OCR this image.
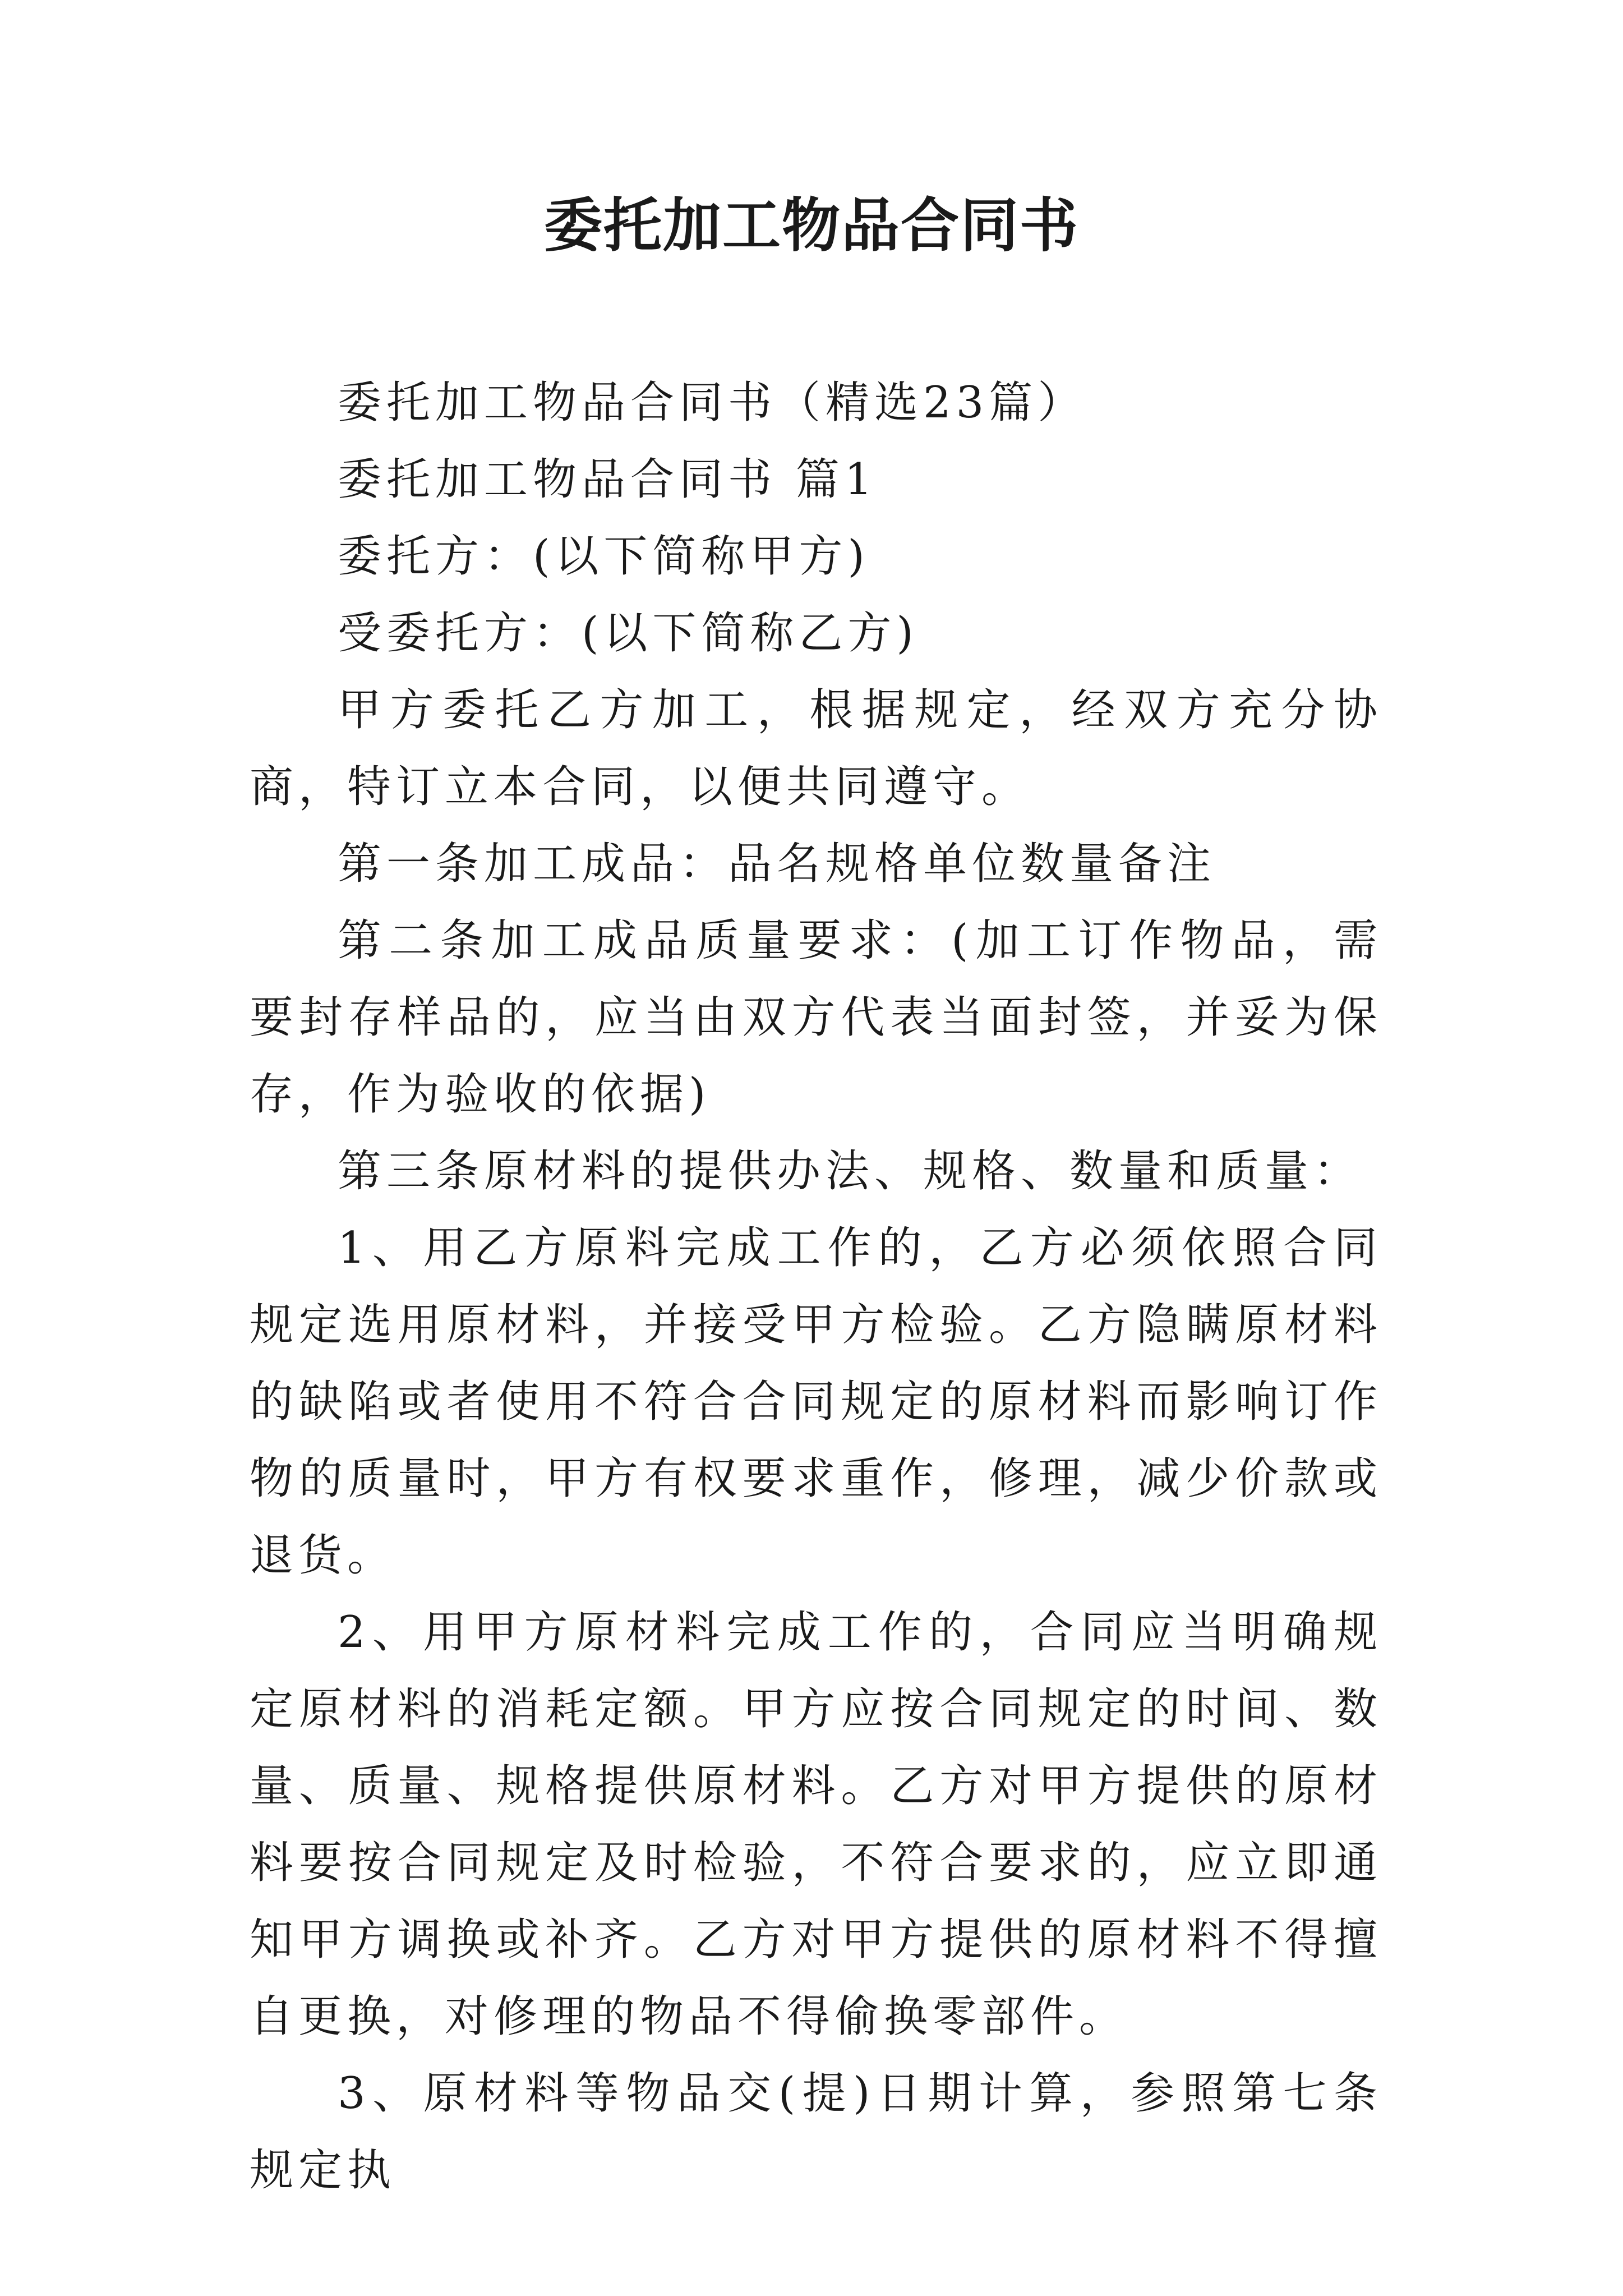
委托加工物品合同书

委托加工物品合同书（精选23篇）

委托加工物品合同书 篇1

委托方：(以下简称甲方)

受委托方：(以下简称乙方)

甲方委托乙方加工，根据规定，经双方充分协商，特订立本合同，以便共同遵守。

第一条加工成品：品名规格单位数量备注

第二条加工成品质量要求：(加工订作物品，需要封存样品的，应当由双方代表当面封签，并妥为保存，作为验收的依据)

第三条原材料的提供办法、规格、数量和质量：

1、用乙方原料完成工作的，乙方必须依照合同规定选用原材料，并接受甲方检验。乙方隐瞒原材料的缺陷或者使用不符合合同规定的原材料而影响订作物的质量时，甲方有权要求重作，修理，减少价款或退货。

2、用甲方原材料完成工作的，合同应当明确规定原材料的消耗定额。甲方应按合同规定的时间、数量、质量、规格提供原材料。乙方对甲方提供的原材料要按合同规定及时检验，不符合要求的，应立即通知甲方调换或补齐。乙方对甲方提供的原材料不得擅自更换，对修理的物品不得偷换零部件。

3、原材料等物品交(提)日期计算，参照第七条规定执
